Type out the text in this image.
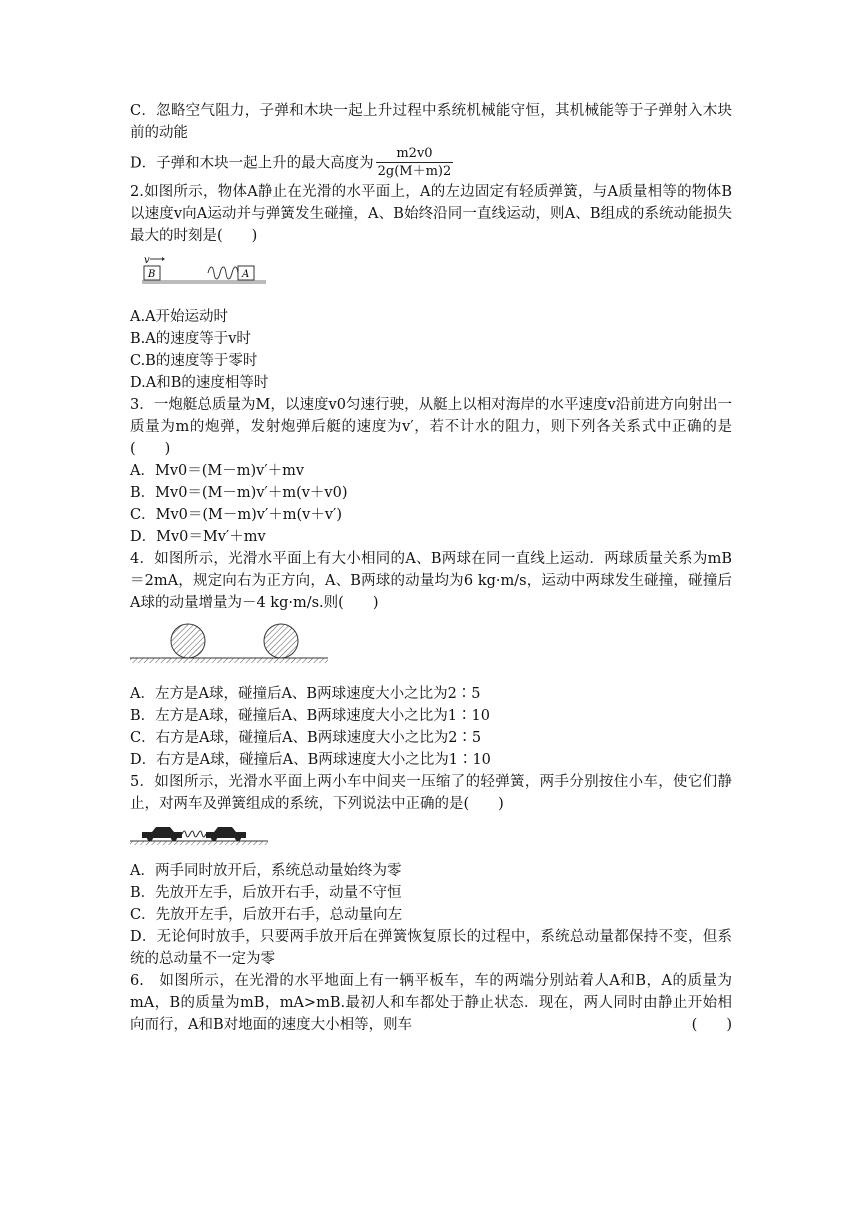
C．忽略空气阻力，子弹和木块一起上升过程中系统机械能守恒，其机械能等于子弹射入木块前的动能

D．子弹和木块一起上升的最大高度为 $\frac{m2v0}{2g(M+m)2}$

2.如图所示，物体A静止在光滑的水平面上，A的左边固定有轻质弹簧，与A质量相等的物体B以速度v向A运动并与弹簧发生碰撞，A、B始终沿同一直线运动，则A、B组成的系统动能损失最大的时刻是(　　)

B
v
A

A.A开始运动时

B.A的速度等于v时

C.B的速度等于零时

D.A和B的速度相等时

3．一炮艇总质量为M，以速度v0匀速行驶，从艇上以相对海岸的水平速度v沿前进方向射出一质量为m的炮弹，发射炮弹后艇的速度为v′，若不计水的阻力，则下列各关系式中正确的是(　　)

A．Mv0＝(M－m)v′＋mv

B．Mv0＝(M－m)v′＋m(v＋v0)

C．Mv0＝(M－m)v′＋m(v＋v′)

D．Mv0＝Mv′＋mv

4．如图所示，光滑水平面上有大小相同的A、B两球在同一直线上运动．两球质量关系为mB＝2mA，规定向右为正方向，A、B两球的动量均为6 kg·m/s，运动中两球发生碰撞，碰撞后A球的动量增量为－4 kg·m/s.则(　　)

A．左方是A球，碰撞后A、B两球速度大小之比为2∶5

B．左方是A球，碰撞后A、B两球速度大小之比为1∶10

C．右方是A球，碰撞后A、B两球速度大小之比为2∶5

D．右方是A球，碰撞后A、B两球速度大小之比为1∶10

5．如图所示，光滑水平面上两小车中间夹一压缩了的轻弹簧，两手分别按住小车，使它们静止，对两车及弹簧组成的系统，下列说法中正确的是(　　)

A．两手同时放开后，系统总动量始终为零

B．先放开左手，后放开右手，动量不守恒

C．先放开左手，后放开右手，总动量向左

D．无论何时放手，只要两手放开后在弹簧恢复原长的过程中，系统总动量都保持不变，但系统的总动量不一定为零

6.　如图所示，在光滑的水平地面上有一辆平板车，车的两端分别站着人A和B，A的质量为mA，B的质量为mB，mA>mB.最初人和车都处于静止状态．现在，两人同时由静止开始相向而行，A和B对地面的速度大小相等，则车	(　　)
